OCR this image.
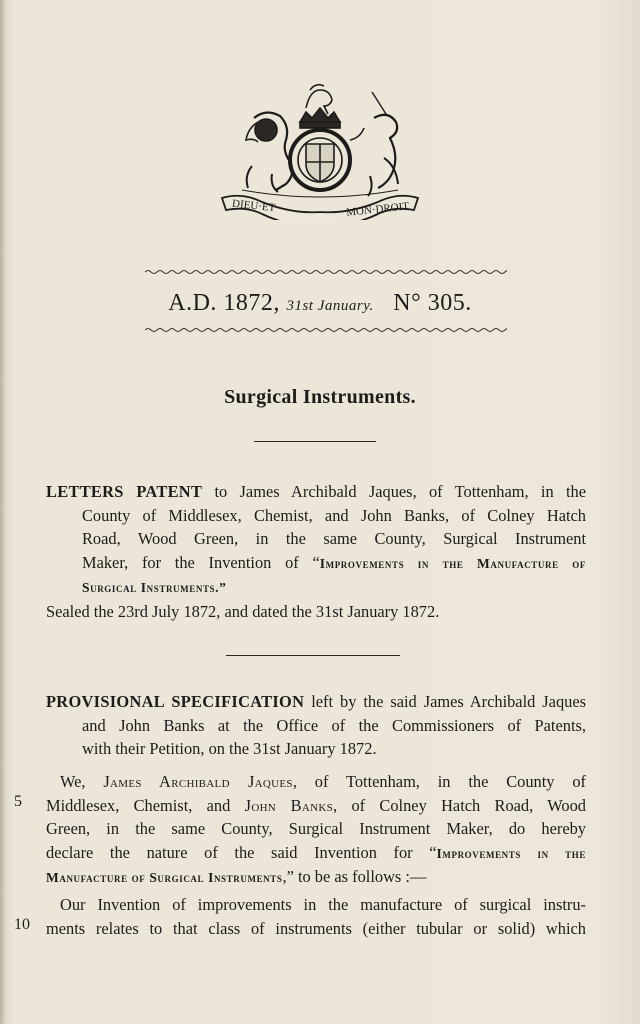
DIEU·ET	MON·DROIT
A.D. 1872, 31st January. N° 305.
Surgical Instruments.
LETTERS PATENT to James Archibald Jaques, of Tottenham, in the
County of Middlesex, Chemist, and John Banks, of Colney Hatch
Road, Wood Green, in the same County, Surgical Instrument
Maker, for the Invention of “Improvements in the Manufacture of
Surgical Instruments.”
Sealed the 23rd July 1872, and dated the 31st January 1872.
PROVISIONAL SPECIFICATION left by the said James Archibald Jaques
and John Banks at the Office of the Commissioners of Patents,
with their Petition, on the 31st January 1872.
We, James Archibald Jaques, of Tottenham, in the County of
Middlesex, Chemist, and John Banks, of Colney Hatch Road, Wood
Green, in the same County, Surgical Instrument Maker, do hereby
declare the nature of the said Invention for “Improvements in the
Manufacture of Surgical Instruments,” to be as follows :—
Our Invention of improvements in the manufacture of surgical instru-
ments relates to that class of instruments (either tubular or solid) which
5
10
